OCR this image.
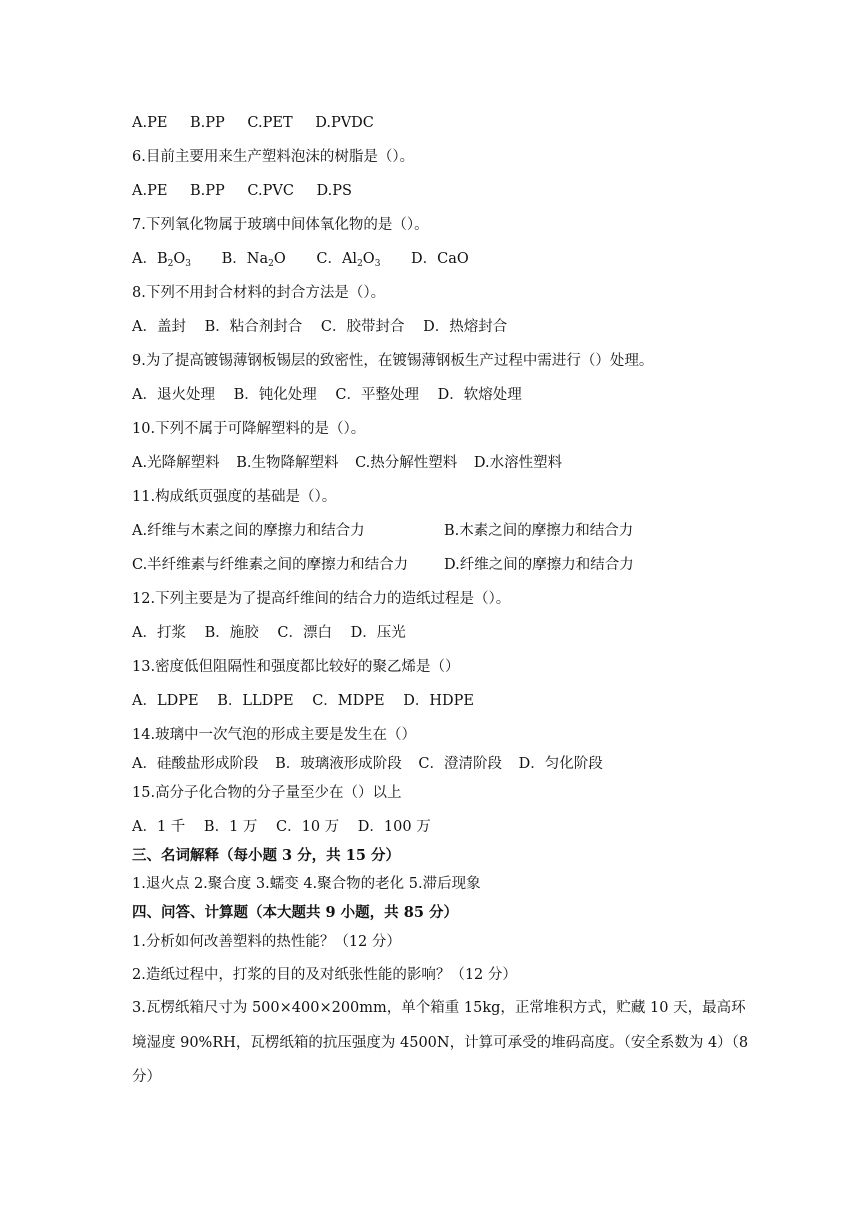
A.PE B.PP C.PET D.PVDC
6.目前主要用来生产塑料泡沫的树脂是（）。
A.PE B.PP C.PVC D.PS
7.下列氧化物属于玻璃中间体氧化物的是（）。
A．$B_2O_3$ B．$Na_2O$ C．$Al_2O_3$ D．CaO
8.下列不用封合材料的封合方法是（）。
A．盖封 B．粘合剂封合 C．胶带封合 D．热熔封合
9.为了提高镀锡薄钢板锡层的致密性，在镀锡薄钢板生产过程中需进行（）处理。
A．退火处理 B．钝化处理 C．平整处理 D．软熔处理
10.下列不属于可降解塑料的是（）。
A.光降解塑料 B.生物降解塑料 C.热分解性塑料 D.水溶性塑料
11.构成纸页强度的基础是（）。
A.纤维与木素之间的摩擦力和结合力	B.木素之间的摩擦力和结合力
C.半纤维素与纤维素之间的摩擦力和结合力 D.纤维之间的摩擦力和结合力
12.下列主要是为了提高纤维间的结合力的造纸过程是（）。
A．打浆 B．施胶 C．漂白 D．压光
13.密度低但阻隔性和强度都比较好的聚乙烯是（）
A．LDPE B．LLDPE C．MDPE D．HDPE
14.玻璃中一次气泡的形成主要是发生在（）
A．硅酸盐形成阶段 B．玻璃液形成阶段 C．澄清阶段 D．匀化阶段
15.高分子化合物的分子量至少在（）以上
A．1 千 B．1 万 C．10 万 D．100 万
三、名词解释（每小题 3 分，共 15 分）
1.退火点 2.聚合度 3.蠕变 4.聚合物的老化 5.滞后现象
四、问答、计算题（本大题共 9 小题，共 85 分）
1.分析如何改善塑料的热性能？（12 分）
2.造纸过程中，打浆的目的及对纸张性能的影响？（12 分）
3.瓦楞纸箱尺寸为 500×400×200mm，单个箱重 15kg，正常堆积方式，贮藏 10 天，最高环
境湿度 90%RH，瓦楞纸箱的抗压强度为 4500N，计算可承受的堆码高度。（安全系数为 4）（8
分）
